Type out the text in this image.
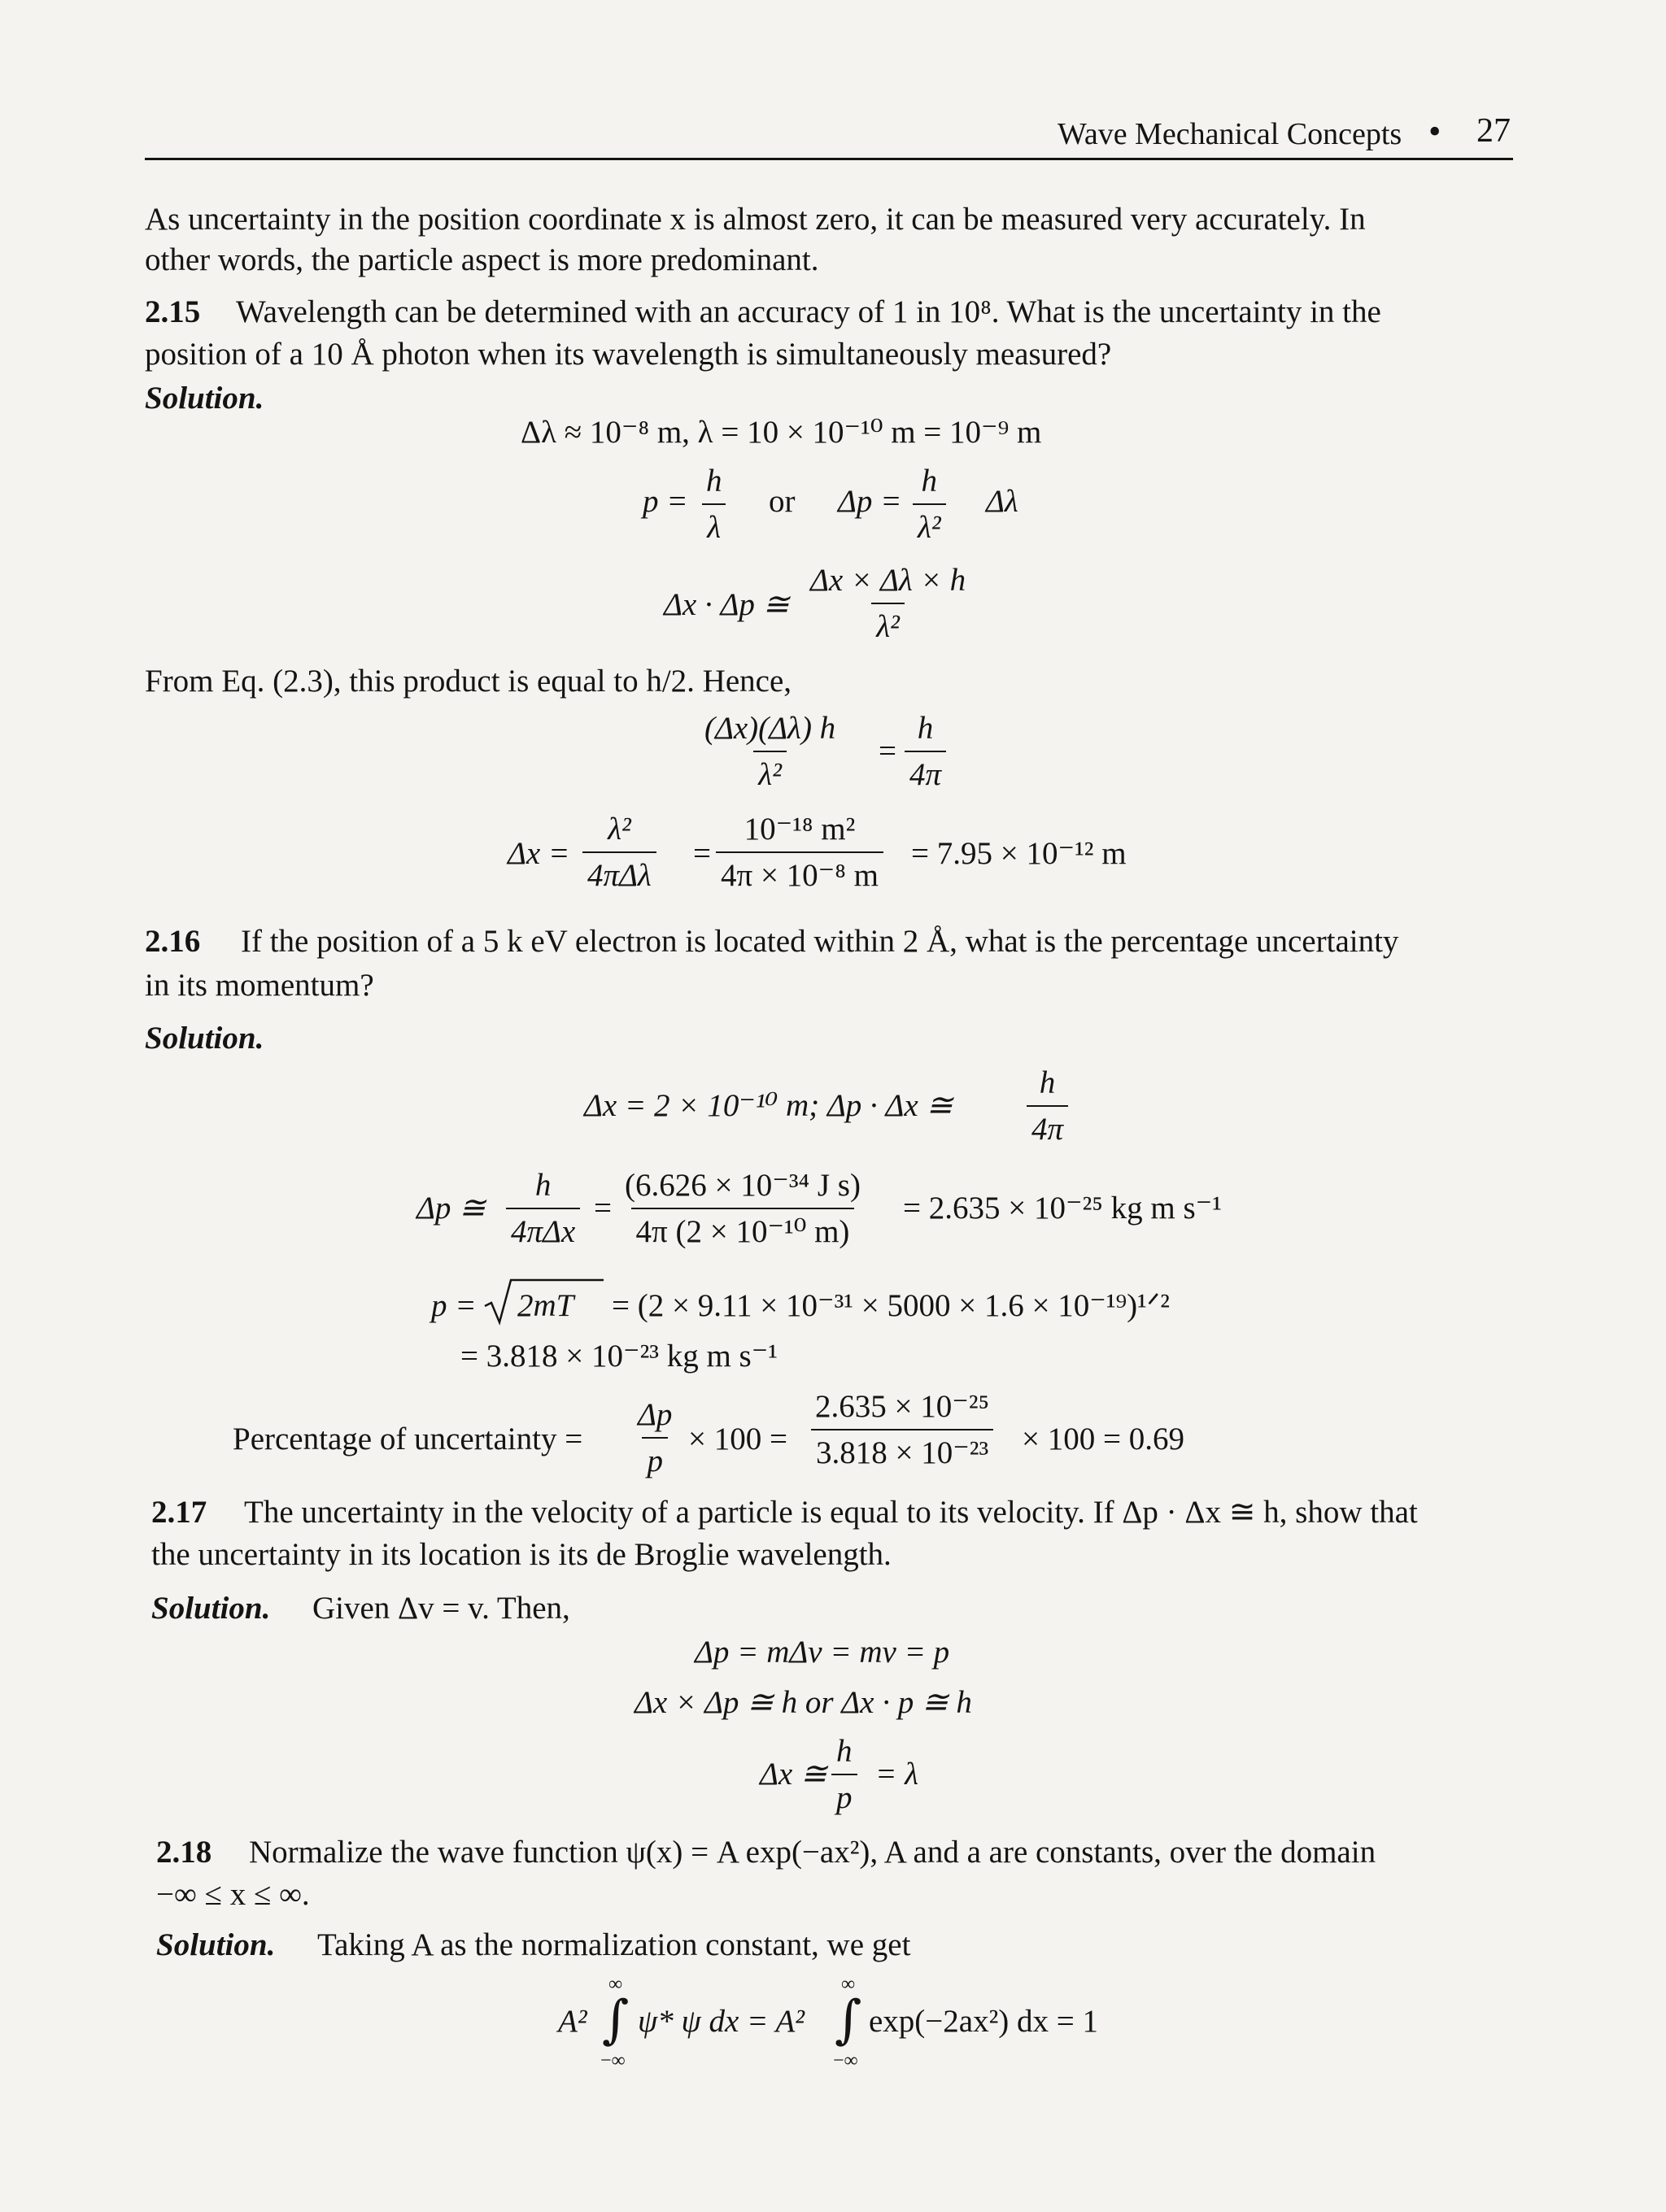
Wave Mechanical Concepts • 27
As uncertainty in the position coordinate x is almost zero, it can be measured very accurately. In
other words, the particle aspect is more predominant.
2.15 Wavelength can be determined with an accuracy of 1 in 10⁸. What is the uncertainty in the
position of a 10 Å photon when its wavelength is simultaneously measured?
Solution.
Δλ ≈ 10⁻⁸ m, λ = 10 × 10⁻¹⁰ m = 10⁻⁹ m
$p = \frac{h}{\lambda}$ or $\Delta p = \frac{h}{\text{λ²}}$ Δλ
Δx · Δp ≅ $\frac{\Delta x \times \Delta\lambda \times h}{\text{λ²}}$
From Eq. (2.3), this product is equal to h/2. Hence,
$\frac{(\Delta x)(\Delta\lambda) h}{\text{λ²}} = \frac{h}{4\pi}$
Δx =
λ²
4πΔλ
= $\frac{\text{10⁻¹⁸ m²}}{\text{4π × 10⁻⁸ m}} = 7.95 \times 10^{-12}$ m
2.16 If the position of a 5 k eV electron is located within 2 Å, what is the percentage uncertainty
in its momentum?
Solution.
Δx = 2 × 10⁻¹⁰ m; Δp · Δx ≅ $\frac{h}{4\pi}$
Δp ≅
h
4πΔx
= $\frac{\text{(6.626 × 10⁻³⁴ J s)}}{\text{4π (2 × 10⁻¹⁰ m)}} = 2.635 \times 10^{-25}$ kg m s⁻¹
p = 2mT = (2 × 9.11 × 10⁻³¹ × 5000 × 1.6 × 10⁻¹⁹)¹ᐟ²
= 3.818 × 10⁻²³ kg m s⁻¹
Percentage of uncertainty = $\frac{\Delta p}{p} \times 100 = \frac{\text{2.635 × 10⁻²⁵}}{\text{3.818 × 10⁻²³}} \times 100 = 0.69$
2.17 The uncertainty in the velocity of a particle is equal to its velocity. If Δp · Δx ≅ h, show that
the uncertainty in its location is its de Broglie wavelength.
Solution. Given Δv = v. Then,
Δp = mΔv = mv = p
Δx × Δp ≅ h or Δx · p ≅ h
Δx ≅ $\frac{h}{p} = \lambda$
2.18 Normalize the wave function ψ(x) = A exp(−ax²), A and a are constants, over the domain
−∞ ≤ x ≤ ∞.
Solution. Taking A as the normalization constant, we get
A²
∞
∫
−∞
ψ* ψ dx = A²
∞
∫
−∞
exp(−2ax²) dx = 1
